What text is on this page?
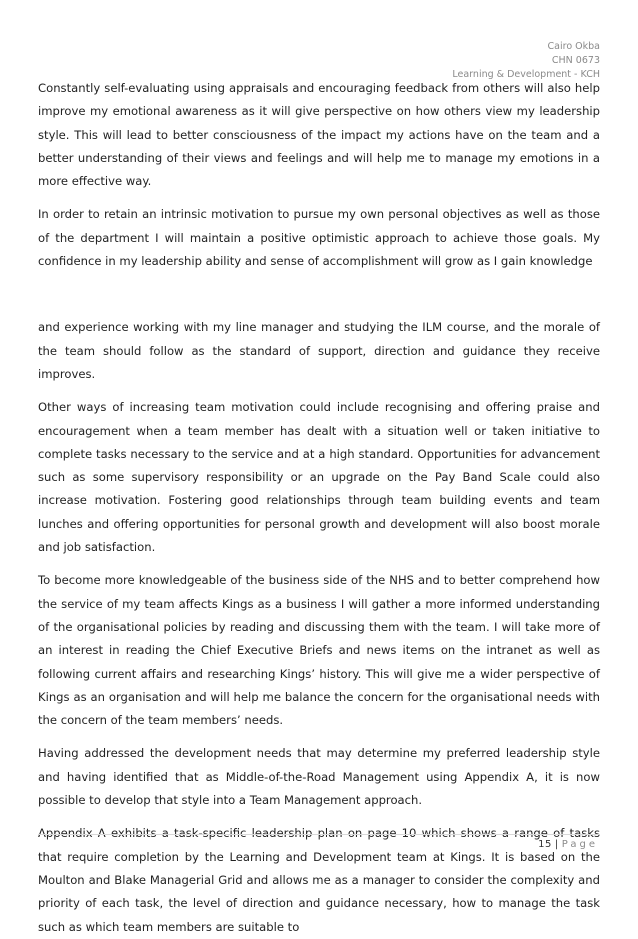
Cairo Okba
CHN 0673
Learning & Development - KCH

Constantly self-evaluating using appraisals and encouraging feedback from others will also help improve my emotional awareness as it will give perspective on how others view my leadership style. This will lead to better consciousness of the impact my actions have on the team and a better understanding of their views and feelings and will help me to manage my emotions in a more effective way.

In order to retain an intrinsic motivation to pursue my own personal objectives as well as those of the department I will maintain a positive optimistic approach to achieve those goals. My confidence in my leadership ability and sense of accomplishment will grow as I gain knowledge

and experience working with my line manager and studying the ILM course, and the morale of the team should follow as the standard of support, direction and guidance they receive improves.

Other ways of increasing team motivation could include recognising and offering praise and encouragement when a team member has dealt with a situation well or taken initiative to complete tasks necessary to the service and at a high standard. Opportunities for advancement such as some supervisory responsibility or an upgrade on the Pay Band Scale could also increase motivation. Fostering good relationships through team building events and team lunches and offering opportunities for personal growth and development will also boost morale and job satisfaction.

To become more knowledgeable of the business side of the NHS and to better comprehend how the service of my team affects Kings as a business I will gather a more informed understanding of the organisational policies by reading and discussing them with the team. I will take more of an interest in reading the Chief Executive Briefs and news items on the intranet as well as following current affairs and researching Kings’ history. This will give me a wider perspective of Kings as an organisation and will help me balance the concern for the organisational needs with the concern of the team members’ needs.

Having addressed the development needs that may determine my preferred leadership style and having identified that as Middle-of-the-Road Management using Appendix A, it is now possible to develop that style into a Team Management approach.

Appendix A exhibits a task-specific leadership plan on page 10 which shows a range of tasks that require completion by the Learning and Development team at Kings. It is based on the Moulton and Blake Managerial Grid and allows me as a manager to consider the complexity and priority of each task, the level of direction and guidance necessary, how to manage the task such as which team members are suitable to

15 | Page
